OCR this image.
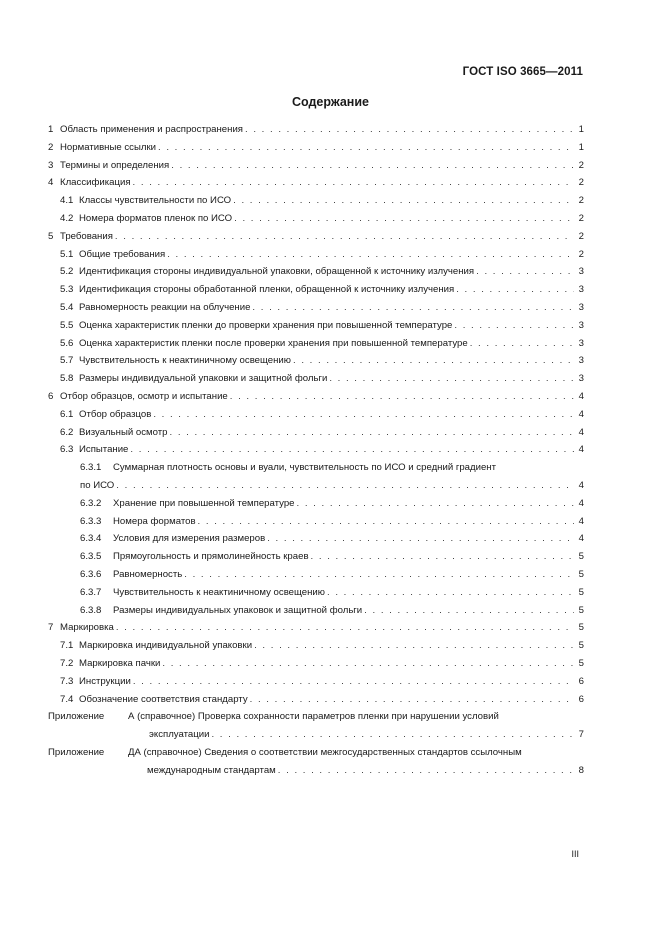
ГОСТ ISO 3665—2011
Содержание
1 Область применения и распространения . . .	1
2 Нормативные ссылки . . .	1
3 Термины и определения . . .	2
4 Классификация . . .	2
4.1 Классы чувствительности по ИСО . . .	2
4.2 Номера форматов пленок по ИСО . . .	2
5 Требования . . .	2
5.1 Общие требования . . .	2
5.2 Идентификация стороны индивидуальной упаковки, обращенной к источнику излучения . . .	3
5.3 Идентификация стороны обработанной пленки, обращенной к источнику излучения . . .	3
5.4 Равномерность реакции на облучение . . .	3
5.5 Оценка характеристик пленки до проверки хранения при повышенной температуре . . .	3
5.6 Оценка характеристик пленки после проверки хранения при повышенной температуре . . .	3
5.7 Чувствительность к неактиничному освещению . . .	3
5.8 Размеры индивидуальной упаковки и защитной фольги . . .	3
6 Отбор образцов, осмотр и испытание . . .	4
6.1 Отбор образцов . . .	4
6.2 Визуальный осмотр . . .	4
6.3 Испытание . . .	4
6.3.1 Суммарная плотность основы и вуали, чувствительность по ИСО и средний градиент
по ИСО . . .	4
6.3.2	Хранение при повышенной температуре . . .	4
6.3.3	Номера форматов . . .	4
6.3.4	Условия для измерения размеров . . .	4
6.3.5	Прямоугольность и прямолинейность краев . . .	5
6.3.6	Равномерность . . .	5
6.3.7	Чувствительность к неактиничному освещению . . .	5
6.3.8	Размеры индивидуальных упаковок и защитной фольги . . .	5
7 Маркировка . . .	5
7.1 Маркировка индивидуальной упаковки . . .	5
7.2 Маркировка пачки . . .	5
7.3 Инструкции . . .	6
7.4 Обозначение соответствия стандарту . . .	6
Приложение А (справочное) Проверка сохранности параметров пленки при нарушении условий
эксплуатации . . .	7
Приложение ДА (справочное) Сведения о соответствии межгосударственных стандартов ссылочным
международным стандартам . . .	8
III
